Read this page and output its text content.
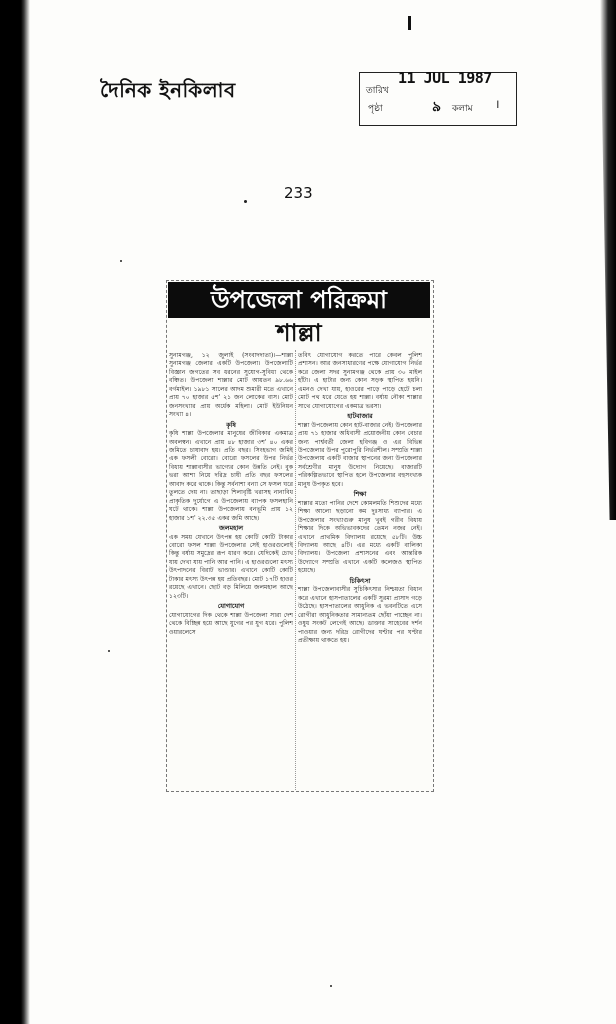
দৈনিক ইনকিলাব	তারিখ
11 JUL 1987
পৃষ্ঠা	৯ কলাম ।
233
উপজেলা পরিক্রমা
শাল্লা

সুনামগঞ্জ, ১২ জুলাই (সংবাদদাতা)।—শাল্লা সুনামগঞ্জ জেলার একটি উপজেলা। উপজেলাটি বিজ্ঞান জগতের সব ধরনের সুযোগ-সুবিধা থেকে বঞ্চিত। উপজেলা শাল্লার মোট আয়তন ৯৮.৬৬ বর্গমাইল। ১৯৮১ সালের আদম শুমারী মতে এখানে প্রায় ৭০ হাজার ৫শ' ২১ জন লোকের বাস। মোট জনসংখ্যার প্রায় অর্ধেক মহিলা। মোট ইউনিয়ন সংখ্যা ৪।

কৃষি

কৃষি শাল্লা উপজেলার মানুষের জীবিকার একমাত্র অবলম্বন। এখানে প্রায় ৪৮ হাজার ৩শ' ৪০ একর জমিতে চাষাবাদ হয়। প্রতি বছর। সিংহভাগ জমিই এক ফসলী বোরো। বোরো ফসলের উপর নির্ভর বিধায় শাল্লাবাসীর ভাগ্যের কোন উন্নতি নেই। বুক ভরা আশা নিয়ে দরিদ্র চাষী প্রতি বছর ফসলের আবাদ করে থাকে। কিন্তু সর্বনাশা বন্যা সে ফসল ঘরে তুলতে দেয় না। তাছাড়া শিলাবৃষ্টি খরাসহ নানাবিধ প্রাকৃতিক দুর্যোগে এ উপজেলায় ব্যাপক ফসলহানি ঘটে থাকে। শাল্লা উপজেলায় বনভূমি প্রায় ১২ হাজার ১শ' ২২.৩৫ একর জমি আছে।

জলমহাল

এক সময় যেখানে উৎপন্ন হয় কোটি কোটি টাকার বোরো ফসল শাল্লা উপজেলার সেই হাওরগুলোই কিন্তু বর্ষায় সমুদ্রের রূপ ধারণ করে। যেদিকেই চোখ যায় দেখা যায় পানি আর পানি। এ হাওরগুলো মৎস্য উৎপাদনের বিরাট ভাণ্ডার। এখানে কোটি কোটি টাকার মৎস্য উৎপন্ন হয় প্রতিবছর। মোট ১৭টি হাওর রয়েছে এখানে। ছোট বড় মিলিয়ে জলমহাল আছে ১২৩টি।

যোগাযোগ

যোগাযোগের দিক থেকে শাল্লা উপজেলা সারা দেশ থেকে বিচ্ছিন্ন হয়ে আছে যুগের পর যুগ ধরে। পুলিশ ওয়ারলেসে

তবিৎ যোগাযোগ করতে পারে কেবল পুলিশ প্রশাসন। আর জনসাধারণের পক্ষে যোগাযোগ নির্ভর করে জেলা সদর সুনামগঞ্জ থেকে প্রায় ৩০ মাইল হাঁটা। এ হাটার জন্য কোন সড়ক স্থাপিত হয়নি। এমনও দেখা যায়, হাওরের পাড়ে পাড়ে হেটে চলা মোট পথ ধরে যেতে হয় শাল্লা। বর্ষায় নৌকা শাল্লার সাথে যোগাযোগের একমাত্র ভরসা।

হাটবাজার

শাল্লা উপজেলায় কোন হাট-বাজার নেই। উপজেলার প্রায় ৭১ হাজার অধিবাসী প্রয়োজনীয় কোন বেচার জন্য পার্শ্ববর্তী জেলা হবিগঞ্জ ও এর বিভিন্ন উপজেলার উপর পুরোপুরি নির্ভরশীল। সম্প্রতি শাল্লা উপজেলায় একটি বাজার স্থাপনের জন্য উপজেলার সর্বশ্রেণীর মানুষ উদ্যোগ নিয়েছে। বাজারটি পরিকল্পিতভাবে স্থাপিত হলে উপজেলার বহুসংখ্যক মানুষ উপকৃত হবে।

শিক্ষা

শাল্লার মতো পানির দেশে কোমলমতি শিশুদের মধ্যে শিক্ষা আলো ছড়ানো কম দুঃসাধ্য ব্যাপার। এ উপজেলার সংখ্যাগুরু মানুষ খুবই গরীব বিধায় শিক্ষার দিকে অভিভাবকদের তেমন নজর নেই। এখানে প্রাথমিক বিদ্যালয় রয়েছে ৫৮টি। উচ্চ বিদ্যালয় আছে ৪টি। এর মধ্যে একটি বালিকা বিদ্যালয়। উপজেলা প্রশাসনের এবং আন্তরিক উদ্যোগে সম্প্রতি এখানে একটি কলেজও স্থাপিত হয়েছে।

চিকিৎসা

শাল্লা উপজেলাবাসীর সুচিকিৎসার নিশ্চয়তা বিধান করে এখানে হাসপাতালের একটি সুরম্য প্রাসাদ গড়ে উঠেছে। হাসপাতালের আধুনিক এ ভবনটিতে এসে রোগীরা আধুনিকতার সামান্যতম ছোঁয়া পাচ্ছেন না। ওষুধ সংকট লেগেই আছে। ডাক্তার সাহেবের দর্শন পাওয়ার জন্য দরিদ্র রোগীদের ঘণ্টার পর ঘণ্টার প্রতীক্ষায় থাকতে হয়।
